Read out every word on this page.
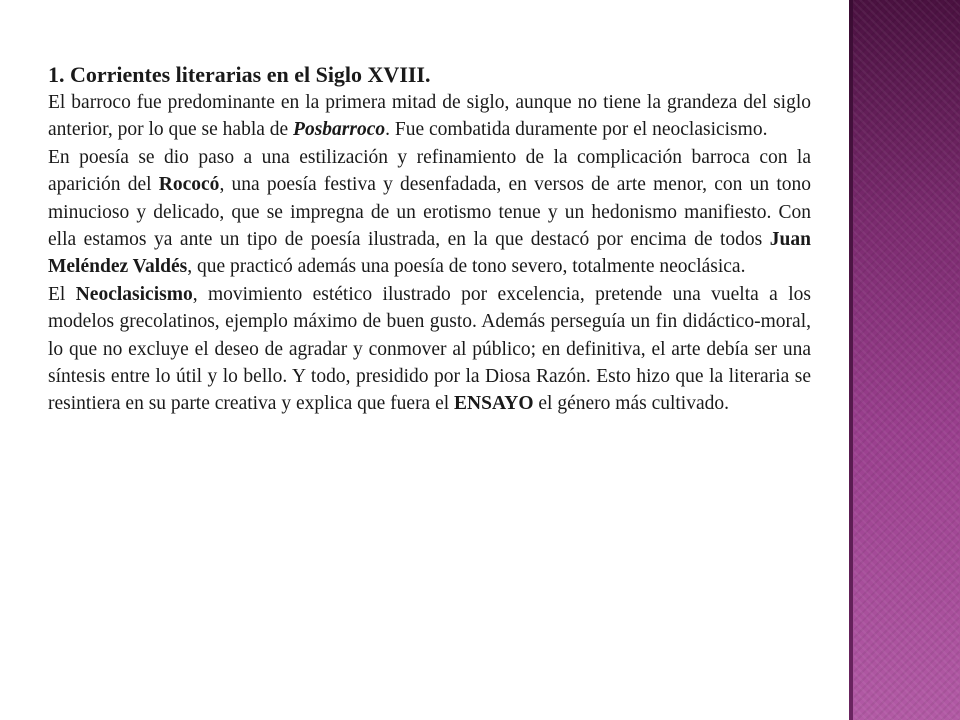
1. Corrientes literarias en el Siglo XVIII.

El barroco fue predominante en la primera mitad de siglo, aunque no tiene la grandeza del siglo anterior, por lo que se habla de Posbarroco. Fue combatida duramente por el neoclasicismo.

En poesía se dio paso a una estilización y refinamiento de la complicación barroca con la aparición del Rococó, una poesía festiva y desenfadada, en versos de arte menor, con un tono minucioso y delicado, que se impregna de un erotismo tenue y un hedonismo manifiesto. Con ella estamos ya ante un tipo de poesía ilustrada, en la que destacó por encima de todos Juan Meléndez Valdés, que practicó además una poesía de tono severo, totalmente neoclásica.

El Neoclasicismo, movimiento estético ilustrado por excelencia, pretende una vuelta a los modelos grecolatinos, ejemplo máximo de buen gusto. Además perseguía un fin didáctico-moral, lo que no excluye el deseo de agradar y conmover al público; en definitiva, el arte debía ser una síntesis entre lo útil y lo bello. Y todo, presidido por la Diosa Razón. Esto hizo que la literaria se resintiera en su parte creativa y explica que fuera el ENSAYO el género más cultivado.
